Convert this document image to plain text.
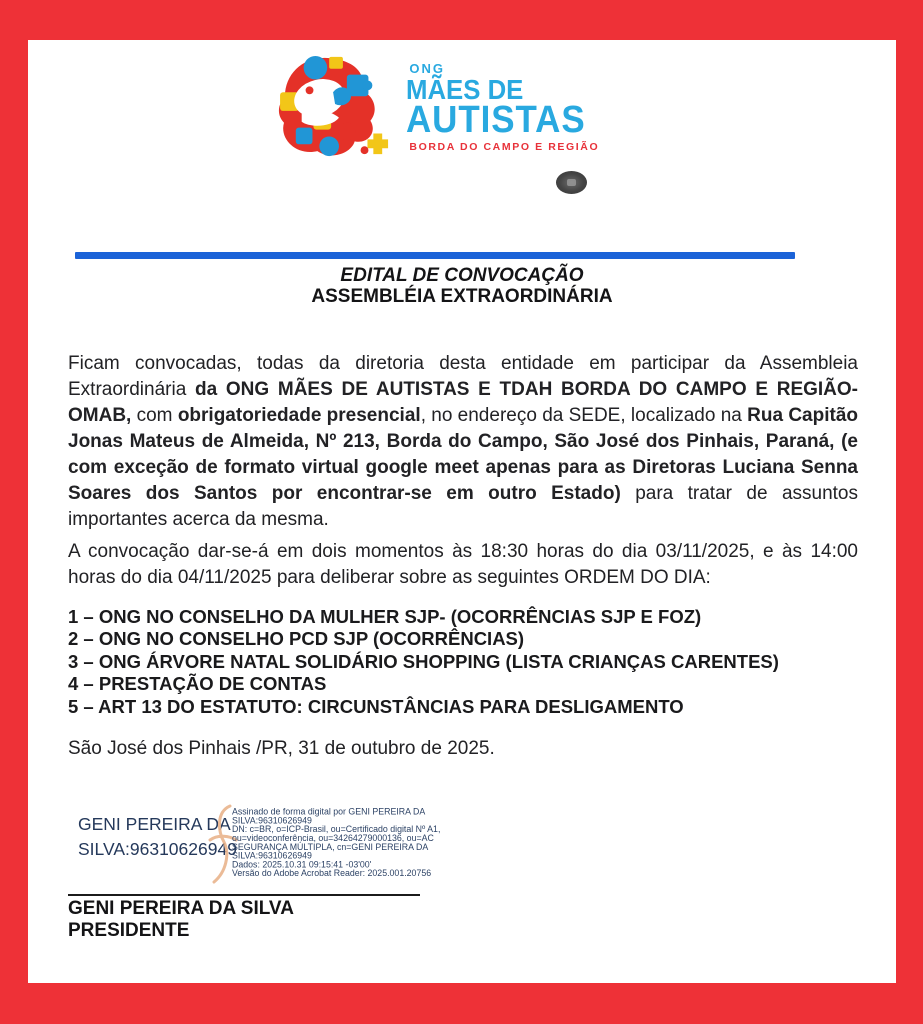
ONG
MÃES DE
AUTISTAS
BORDA DO CAMPO E REGIÃO
EDITAL DE CONVOCAÇÃO
ASSEMBLÉIA EXTRAORDINÁRIA
Ficam convocadas, todas da diretoria desta entidade em participar da Assembleia Extraordinária da ONG MÃES DE AUTISTAS E TDAH BORDA DO CAMPO E REGIÃO- OMAB, com obrigatoriedade presencial, no endereço da SEDE, localizado na Rua Capitão Jonas Mateus de Almeida, Nº 213, Borda do Campo, São José dos Pinhais, Paraná, (e com exceção de formato virtual google meet apenas para as Diretoras Luciana Senna Soares dos Santos por encontrar-se em outro Estado) para tratar de assuntos importantes acerca da mesma.
A convocação dar-se-á em dois momentos às 18:30 horas do dia 03/11/2025, e às 14:00 horas do dia 04/11/2025 para deliberar sobre as seguintes ORDEM DO DIA:
1 – ONG NO CONSELHO DA MULHER SJP- (OCORRÊNCIAS SJP E FOZ)
2 – ONG NO CONSELHO PCD SJP (OCORRÊNCIAS)
3 – ONG ÁRVORE NATAL SOLIDÁRIO SHOPPING (LISTA CRIANÇAS CARENTES)
4 – PRESTAÇÃO DE CONTAS
5 – ART 13 DO ESTATUTO: CIRCUNSTÂNCIAS PARA DESLIGAMENTO
São José dos Pinhais /PR, 31 de outubro de 2025.
GENI PEREIRA DA SILVA:96310626949
Assinado de forma digital por GENI PEREIRA DA
SILVA:96310626949
DN: c=BR, o=ICP-Brasil, ou=Certificado digital Nº A1,
ou=videoconferência, ou=34264279000136, ou=AC
SEGURANÇA MÚLTIPLA, cn=GENI PEREIRA DA
SILVA:96310626949
Dados: 2025.10.31 09:15:41 -03'00'
Versão do Adobe Acrobat Reader: 2025.001.20756
GENI PEREIRA DA SILVA
PRESIDENTE
